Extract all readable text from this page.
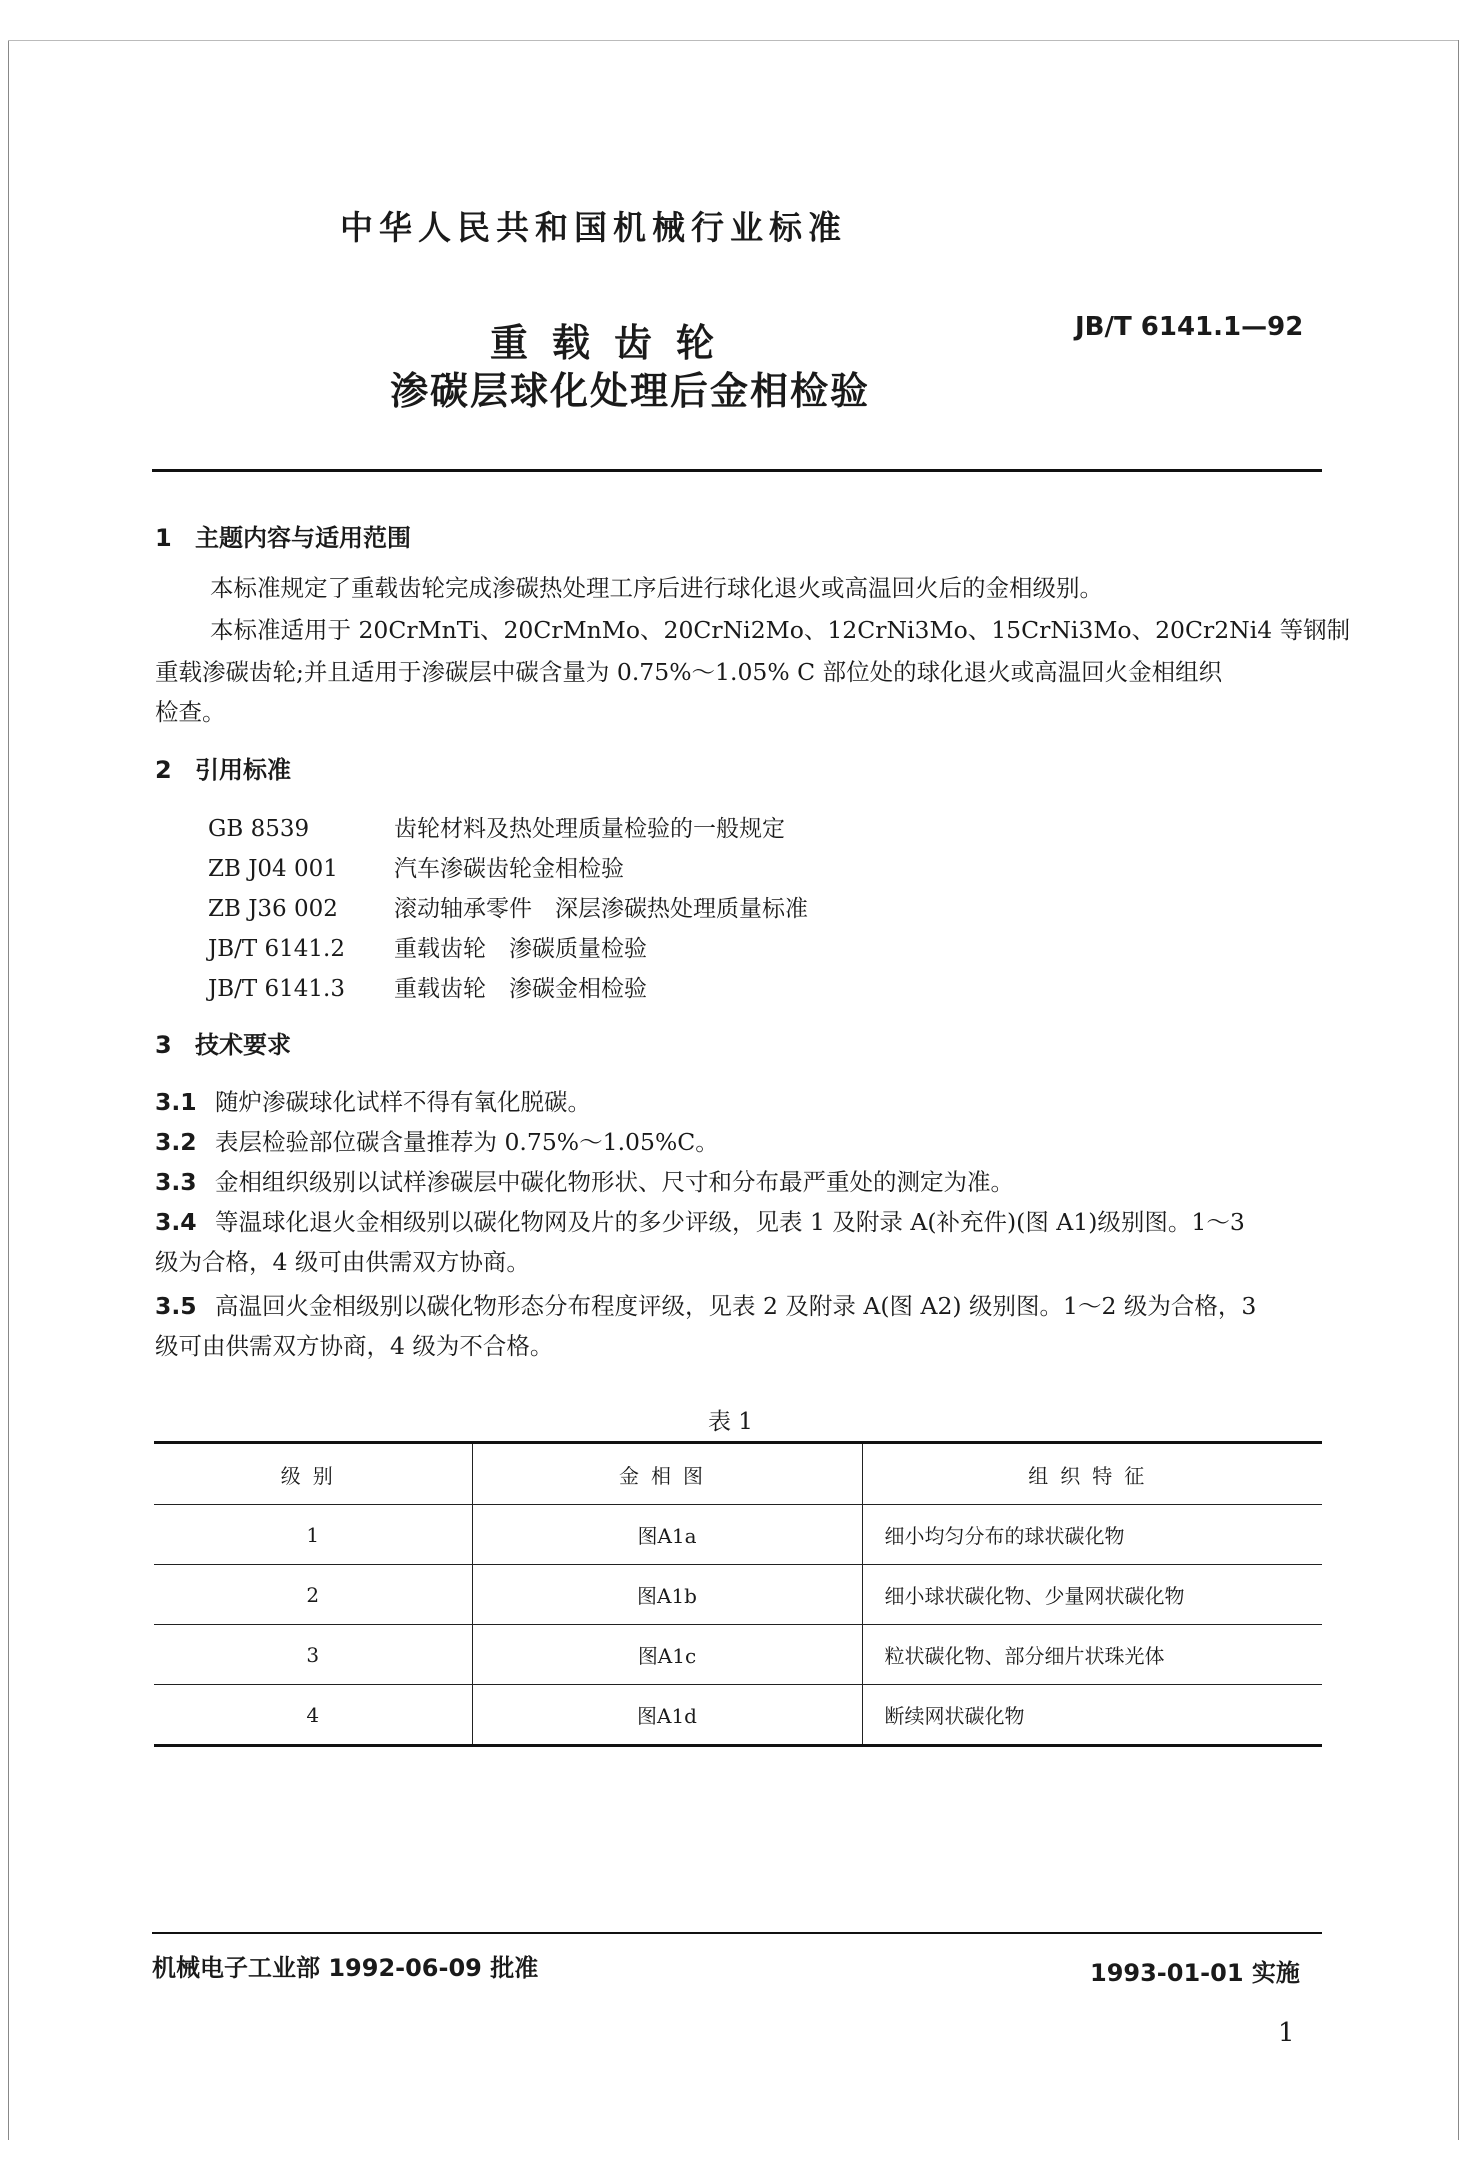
中华人民共和国机械行业标准
重载齿轮
渗碳层球化处理后金相检验
JB/T 6141.1—92
1 主题内容与适用范围
本标准规定了重载齿轮完成渗碳热处理工序后进行球化退火或高温回火后的金相级别。
本标准适用于 20CrMnTi、20CrMnMo、20CrNi2Mo、12CrNi3Mo、15CrNi3Mo、20Cr2Ni4 等钢制
重载渗碳齿轮;并且适用于渗碳层中碳含量为 0.75%～1.05% C 部位处的球化退火或高温回火金相组织
检查。
2 引用标准
GB 8539	齿轮材料及热处理质量检验的一般规定
ZB J04 001 汽车渗碳齿轮金相检验
ZB J36 002 滚动轴承零件　深层渗碳热处理质量标准
JB/T 6141.2 重载齿轮　渗碳质量检验
JB/T 6141.3 重载齿轮　渗碳金相检验
3 技术要求
3.1 随炉渗碳球化试样不得有氧化脱碳。
3.2 表层检验部位碳含量推荐为 0.75%～1.05%C。
3.3 金相组织级别以试样渗碳层中碳化物形状、尺寸和分布最严重处的测定为准。
3.4 等温球化退火金相级别以碳化物网及片的多少评级，见表 1 及附录 A(补充件)(图 A1)级别图。1～3
级为合格，4 级可由供需双方协商。
3.5 高温回火金相级别以碳化物形态分布程度评级，见表 2 及附录 A(图 A2) 级别图。1～2 级为合格，3
级可由供需双方协商，4 级为不合格。
表 1
级别	金相图	组织特征
1	图A1a	细小均匀分布的球状碳化物
2	图A1b	细小球状碳化物、少量网状碳化物
3	图A1c	粒状碳化物、部分细片状珠光体
4	图A1d	断续网状碳化物
机械电子工业部 1992-06-09 批准	1993-01-01 实施
1
